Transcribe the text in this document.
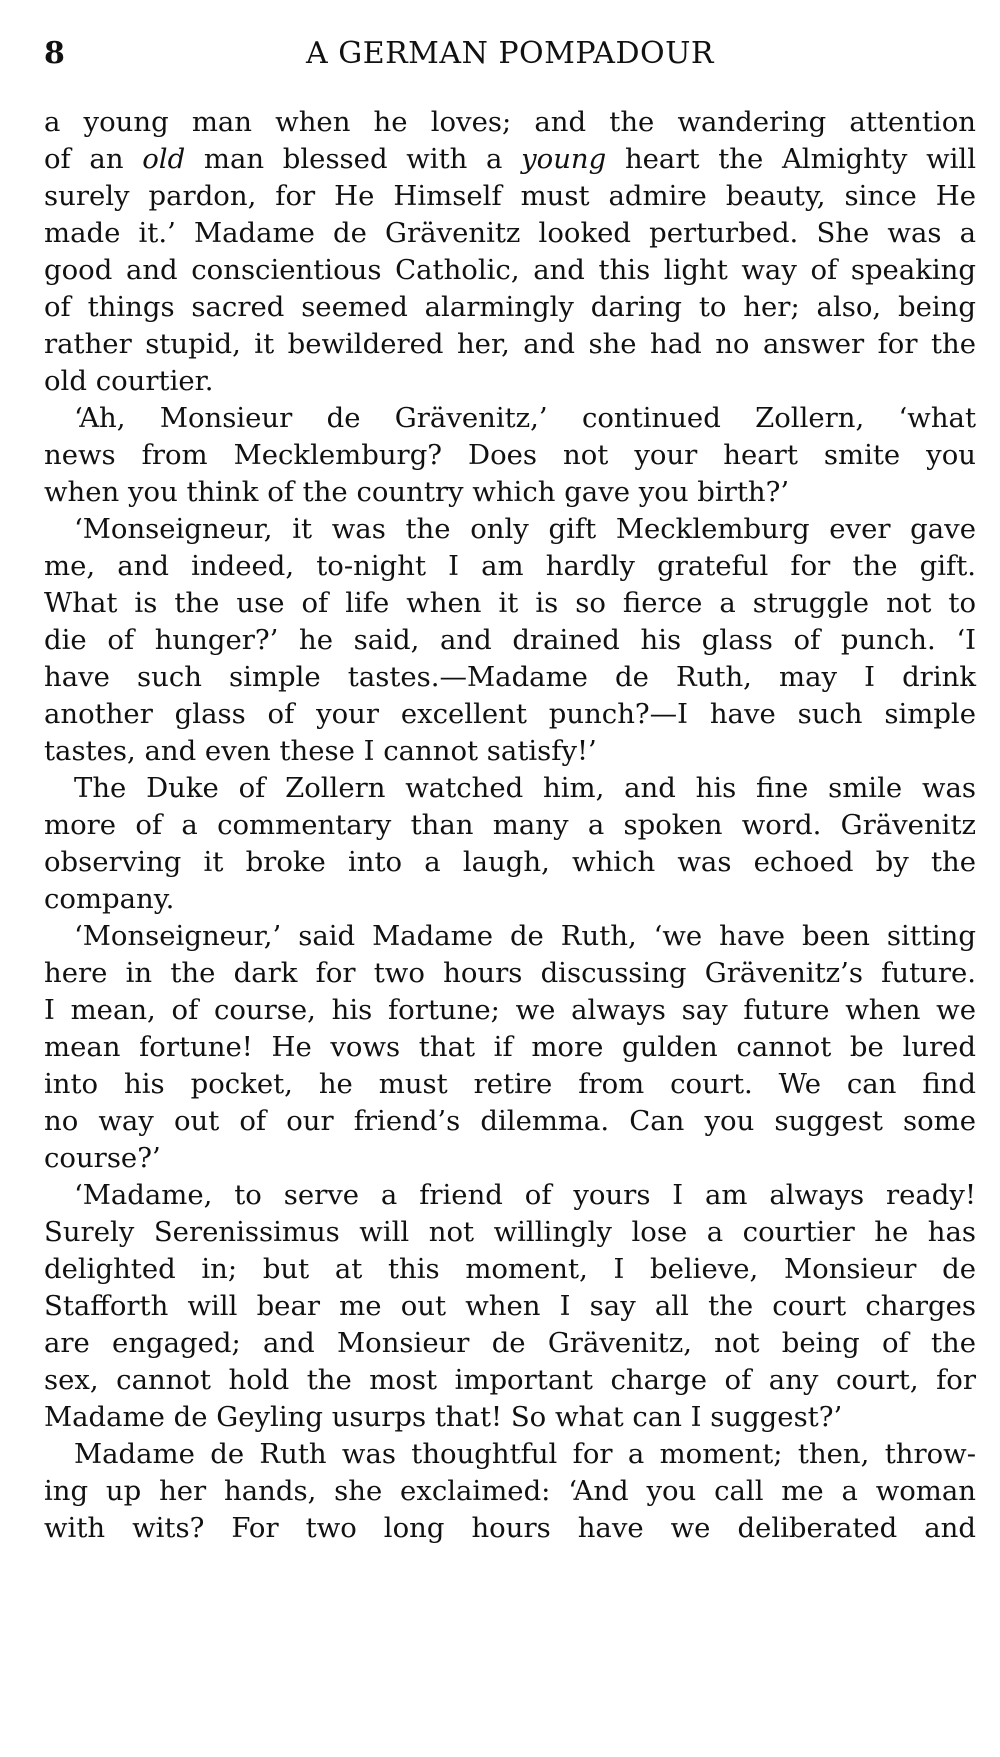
8	A GERMAN POMPADOUR
a young man when he loves; and the wandering attention
of an old man blessed with a young heart the Almighty will
surely pardon, for He Himself must admire beauty, since He
made it.’ Madame de Grävenitz looked perturbed. She was a
good and conscientious Catholic, and this light way of speaking
of things sacred seemed alarmingly daring to her; also, being
rather stupid, it bewildered her, and she had no answer for the
old courtier.
‘Ah, Monsieur de Grävenitz,’ continued Zollern, ‘what
news from Mecklemburg? Does not your heart smite you
when you think of the country which gave you birth?’
‘Monseigneur, it was the only gift Mecklemburg ever gave
me, and indeed, to-night I am hardly grateful for the gift.
What is the use of life when it is so fierce a struggle not to
die of hunger?’ he said, and drained his glass of punch. ‘I
have such simple tastes.—Madame de Ruth, may I drink
another glass of your excellent punch?—I have such simple
tastes, and even these I cannot satisfy!’
The Duke of Zollern watched him, and his fine smile was
more of a commentary than many a spoken word. Grävenitz
observing it broke into a laugh, which was echoed by the
company.
‘Monseigneur,’ said Madame de Ruth, ‘we have been sitting
here in the dark for two hours discussing Grävenitz’s future.
I mean, of course, his fortune; we always say future when we
mean fortune! He vows that if more gulden cannot be lured
into his pocket, he must retire from court. We can find
no way out of our friend’s dilemma. Can you suggest some
course?’
‘Madame, to serve a friend of yours I am always ready!
Surely Serenissimus will not willingly lose a courtier he has
delighted in; but at this moment, I believe, Monsieur de
Stafforth will bear me out when I say all the court charges
are engaged; and Monsieur de Grävenitz, not being of the
sex, cannot hold the most important charge of any court, for
Madame de Geyling usurps that! So what can I suggest?’
Madame de Ruth was thoughtful for a moment; then, throw-
ing up her hands, she exclaimed: ‘And you call me a woman
with wits? For two long hours have we deliberated and
